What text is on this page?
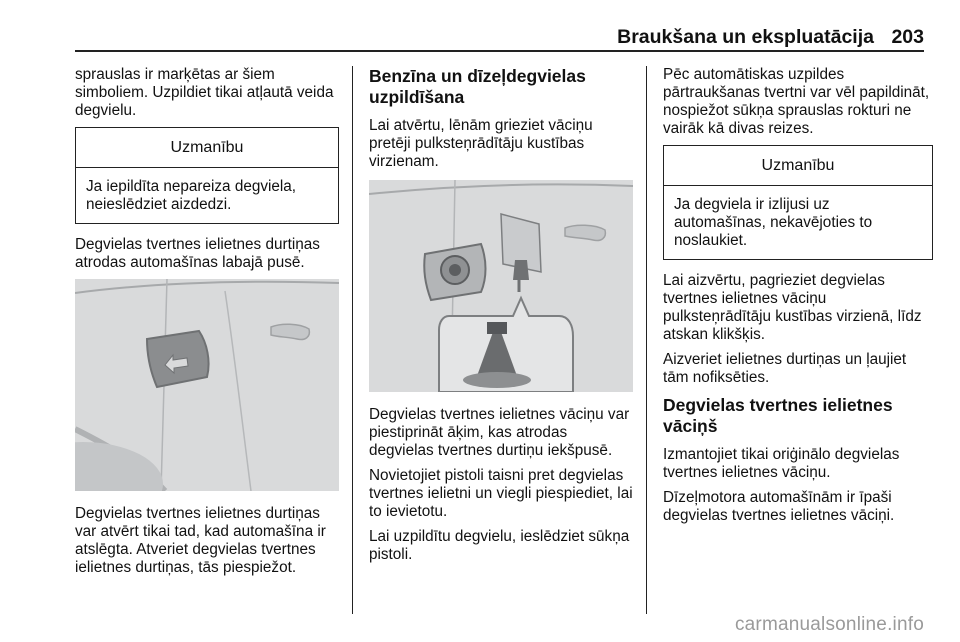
Braukšana un ekspluatācija 203

sprauslas ir marķētas ar šiem simboliem. Uzpildiet tikai atļautā veida degvielu.

Uzmanību
Ja iepildīta nepareiza degviela, neieslēdziet aizdedzi.

Degvielas tvertnes ielietnes durtiņas atrodas automašīnas labajā pusē.

Degvielas tvertnes ielietnes durtiņas var atvērt tikai tad, kad automašīna ir atslēgta. Atveriet degvielas tvertnes ielietnes durtiņas, tās piespiežot.

Benzīna un dīzeļdegvielas uzpildīšana

Lai atvērtu, lēnām grieziet vāciņu pretēji pulksteņrādītāju kustības virzienam.

Degvielas tvertnes ielietnes vāciņu var piestiprināt āķim, kas atrodas degvielas tvertnes durtiņu iekšpusē.

Novietojiet pistoli taisni pret degvielas tvertnes ielietni un viegli piespiediet, lai to ievietotu.

Lai uzpildītu degvielu, ieslēdziet sūkņa pistoli.

Pēc automātiskas uzpildes pārtraukšanas tvertni var vēl papildināt, nospiežot sūkņa sprauslas rokturi ne vairāk kā divas reizes.

Uzmanību
Ja degviela ir izlijusi uz automašīnas, nekavējoties to noslaukiet.

Lai aizvērtu, pagrieziet degvielas tvertnes ielietnes vāciņu pulksteņrādītāju kustības virzienā, līdz atskan klikšķis.

Aizveriet ielietnes durtiņas un ļaujiet tām nofiksēties.

Degvielas tvertnes ielietnes vāciņš

Izmantojiet tikai oriģinālo degvielas tvertnes ielietnes vāciņu.

Dīzeļmotora automašīnām ir īpaši degvielas tvertnes ielietnes vāciņi.

carmanualsonline.info
